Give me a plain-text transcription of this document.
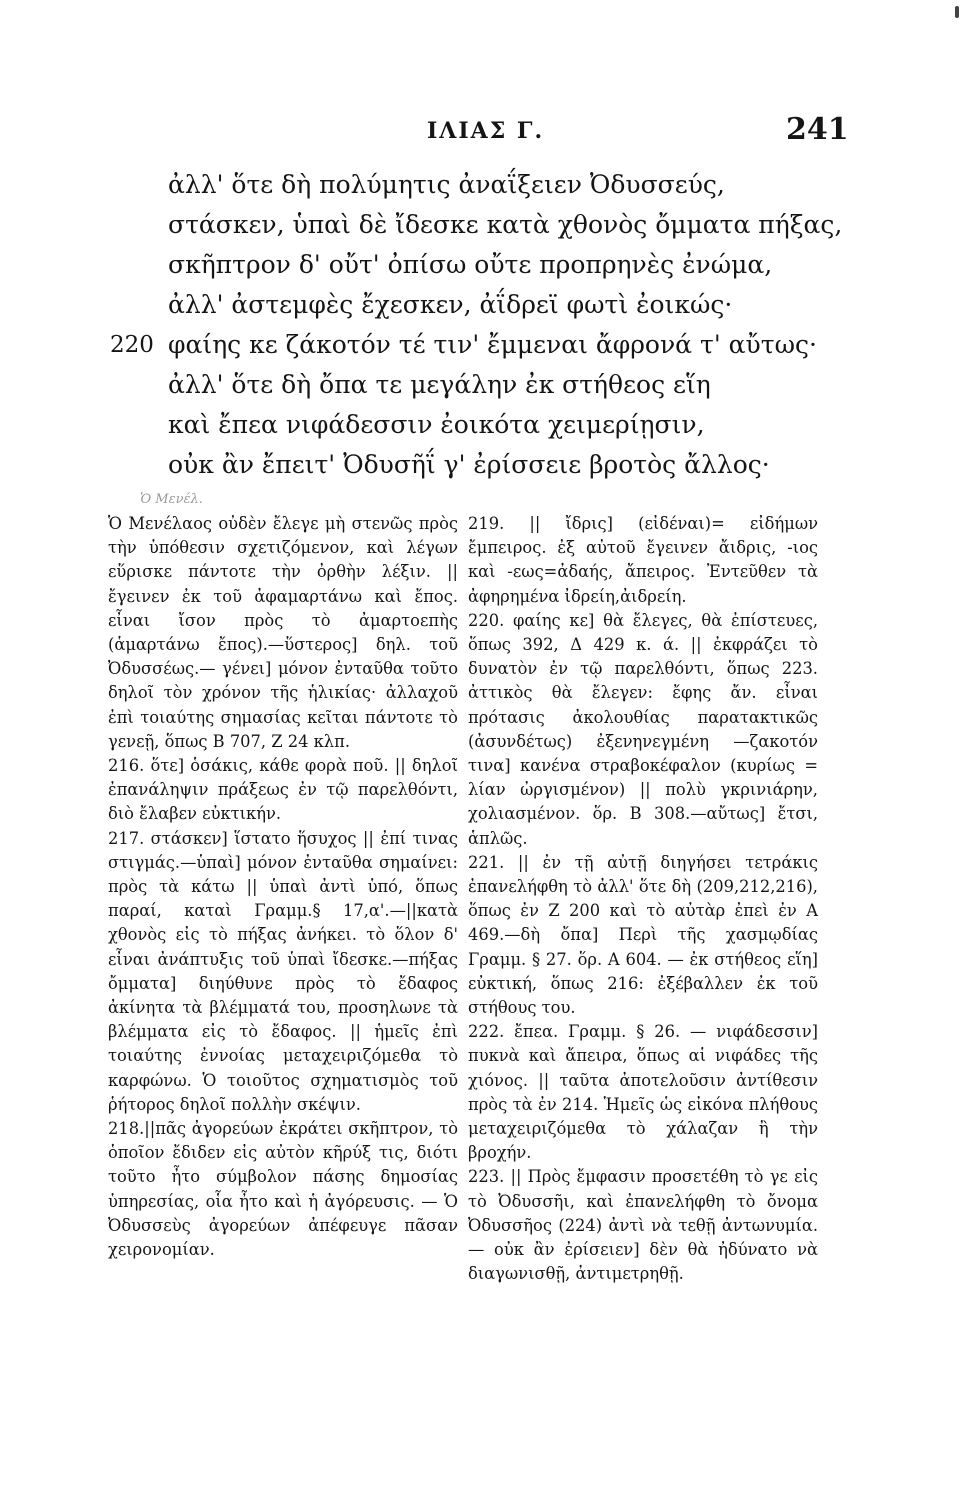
ΙΛΙΑΣ Γ.	241
ἀλλ' ὅτε δὴ πολύμητις ἀναΐξειεν Ὀδυσσεύς,
στάσκεν, ὑπαὶ δὲ ἴδεσκε κατὰ χθονὸς ὄμματα πήξας,
σκῆπτρον δ' οὔτ' ὀπίσω οὔτε προπρηνὲς ἐνώμα,
ἀλλ' ἀστεμφὲς ἔχεσκεν, ἀΐδρεϊ φωτὶ ἐοικώς·
220 φαίης κε ζάκοτόν τέ τιν' ἔμμεναι ἄφρονά τ' αὔτως·
ἀλλ' ὅτε δὴ ὄπα τε μεγάλην ἐκ στήθεος εἵη
καὶ ἔπεα νιφάδεσσιν ἐοικότα χειμερίῃσιν,
οὐκ ἂν ἔπειτ' Ὀδυσῆΐ γ' ἐρίσσειε βροτὸς ἄλλος·
Ὁ Μενέλ.

Ὁ Μενέλαος οὐδὲν ἔλεγε μὴ στενῶς πρὸς τὴν ὑπόθεσιν σχετιζόμενον, καὶ λέγων εὕρισκε πάντοτε τὴν ὀρθὴν λέξιν. || ἔγεινεν ἐκ τοῦ ἀφαμαρτάνω καὶ ἔπος. εἶναι ἴσον πρὸς τὸ ἀμαρτοεπὴς (ἁμαρτάνω ἔπος).—ὕστερος] δηλ. τοῦ Ὀδυσσέως.— γένει] μόνον ἐνταῦθα τοῦτο δηλοῖ τὸν χρόνον τῆς ἡλικίας· ἀλλαχοῦ ἐπὶ τοιαύτης σημασίας κεῖται πάντοτε τὸ γενεῇ, ὅπως Β 707, Ζ 24 κλπ.

216. ὅτε] ὁσάκις, κάθε φορὰ ποῦ. || δηλοῖ ἐπανάληψιν πράξεως ἐν τῷ παρελθόντι, διὸ ἔλαβεν εὐκτικήν.

217. στάσκεν] ἵστατο ἥσυχος || ἐπί τινας στιγμάς.—ὑπαὶ] μόνον ἐνταῦθα σημαίνει: πρὸς τὰ κάτω || ὑπαὶ ἀντὶ ὑπό, ὅπως παραί, καταὶ Γραμμ.§ 17,α'.—||κατὰ χθονὸς εἰς τὸ πήξας ἀνήκει. τὸ ὅλον δ' εἶναι ἀνάπτυξις τοῦ ὑπαὶ ἴδεσκε.—πήξας ὄμματα] διηύθυνε πρὸς τὸ ἔδαφος ἀκίνητα τὰ βλέμματά του, προσηλωνε τὰ βλέμματα εἰς τὸ ἔδαφος. || ἡμεῖς ἐπὶ τοιαύτης ἐννοίας μεταχειριζόμεθα τὸ καρφώνω. Ὁ τοιοῦτος σχηματισμὸς τοῦ ῥήτορος δηλοῖ πολλὴν σκέψιν.

218.||πᾶς ἀγορεύων ἐκράτει σκῆπτρον, τὸ ὁποῖον ἔδιδεν εἰς αὐτὸν κῆρύξ τις, διότι τοῦτο ἦτο σύμβολον πάσης δημοσίας ὑπηρεσίας, οἷα ἦτο καὶ ἡ ἀγόρευσις. — Ὁ Ὀδυσσεὺς ἀγορεύων ἀπέφευγε πᾶσαν χειρονομίαν.

219. || ἴδρις] (εἰδέναι)= εἰδήμων ἔμπειρος. ἐξ αὐτοῦ ἔγεινεν ἄιδρις, -ιος καὶ -εως=ἀδαής, ἄπειρος. Ἐντεῦθεν τὰ ἀφηρημένα ἰδρείη,ἀιδρείη.

220. φαίης κε] θὰ ἔλεγες, θὰ ἐπίστευες, ὅπως 392, Δ 429 κ. ά. || ἐκφράζει τὸ δυνατὸν ἐν τῷ παρελθόντι, ὅπως 223. ἀττικὸς θὰ ἔλεγεν: ἔφης ἄν. εἶναι πρότασις ἀκολουθίας παρατακτικῶς (ἀσυνδέτως) ἐξενηνεγμένη —ζακοτόν τινα] κανένα στραβοκέφαλον (κυρίως = λίαν ὠργισμένον) || πολὺ γκρινιάρην, χολιασμένον. ὅρ. Β 308.—αὔτως] ἔτσι, ἁπλῶς.

221. || ἐν τῇ αὐτῇ διηγήσει τετράκις ἐπανελήφθη τὸ ἀλλ' ὅτε δὴ (209,212,216), ὅπως ἐν Ζ 200 καὶ τὸ αὐτὰρ ἐπεὶ ἐν Α 469.—δὴ ὄπα] Περὶ τῆς χασμῳδίας Γραμμ. § 27. ὅρ. Α 604. — ἐκ στήθεος εἵη] εὐκτική, ὅπως 216: ἐξέβαλλεν ἐκ τοῦ στήθους του.

222. ἔπεα. Γραμμ. § 26. — νιφάδεσσιν] πυκνὰ καὶ ἄπειρα, ὅπως αἱ νιφάδες τῆς χιόνος. || ταῦτα ἀποτελοῦσιν ἀντίθεσιν πρὸς τὰ ἐν 214. Ἡμεῖς ὡς εἰκόνα πλήθους μεταχειριζόμεθα τὸ χάλαζαν ἢ τὴν βροχήν.

223. || Πρὸς ἔμφασιν προσετέθη τὸ γε εἰς τὸ Ὀδυσσῆι, καὶ ἐπανελήφθη τὸ ὄνομα Ὀδυσσῆος (224) ἀντὶ νὰ τεθῇ ἀντωνυμία. — οὐκ ἂν ἐρίσειεν] δὲν θὰ ἠδύνατο νὰ διαγωνισθῇ, ἀντιμετρηθῇ.
